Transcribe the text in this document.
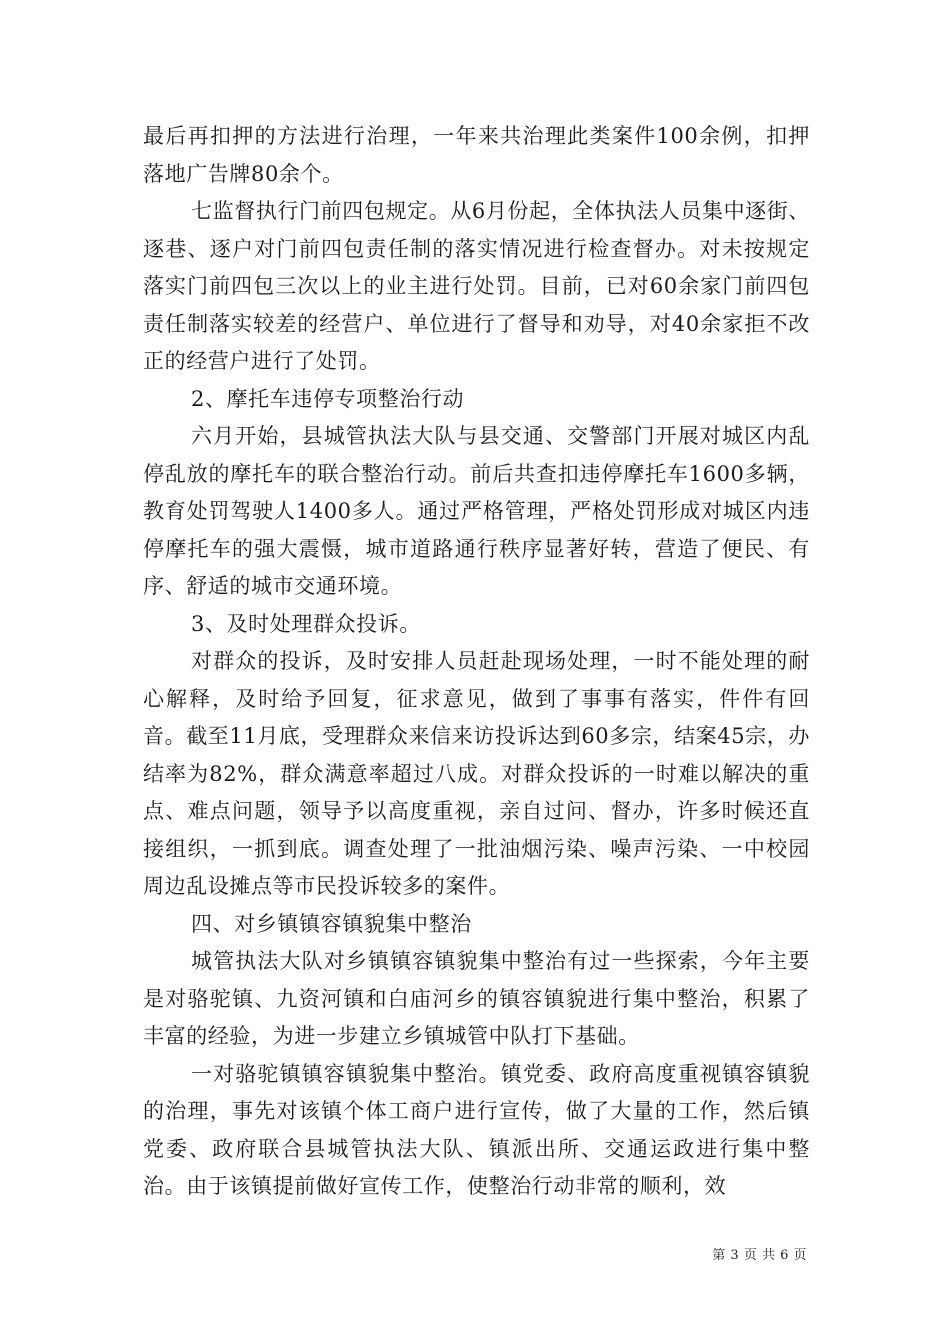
最后再扣押的方法进行治理，一年来共治理此类案件100余例，扣押落地广告牌80余个。

七监督执行门前四包规定。从6月份起，全体执法人员集中逐街、逐巷、逐户对门前四包责任制的落实情况进行检查督办。对未按规定落实门前四包三次以上的业主进行处罚。目前，已对60余家门前四包责任制落实较差的经营户、单位进行了督导和劝导，对40余家拒不改正的经营户进行了处罚。

2、摩托车违停专项整治行动

六月开始，县城管执法大队与县交通、交警部门开展对城区内乱停乱放的摩托车的联合整治行动。前后共查扣违停摩托车1600多辆，教育处罚驾驶人1400多人。通过严格管理，严格处罚形成对城区内违停摩托车的强大震慑，城市道路通行秩序显著好转，营造了便民、有序、舒适的城市交通环境。

3、及时处理群众投诉。

对群众的投诉，及时安排人员赶赴现场处理，一时不能处理的耐心解释，及时给予回复，征求意见，做到了事事有落实，件件有回音。截至11月底，受理群众来信来访投诉达到60多宗，结案45宗，办结率为82%，群众满意率超过八成。对群众投诉的一时难以解决的重点、难点问题，领导予以高度重视，亲自过问、督办，许多时候还直接组织，一抓到底。调查处理了一批油烟污染、噪声污染、一中校园周边乱设摊点等市民投诉较多的案件。

四、对乡镇镇容镇貌集中整治

城管执法大队对乡镇镇容镇貌集中整治有过一些探索，今年主要是对骆驼镇、九资河镇和白庙河乡的镇容镇貌进行集中整治，积累了丰富的经验，为进一步建立乡镇城管中队打下基础。

一对骆驼镇镇容镇貌集中整治。镇党委、政府高度重视镇容镇貌的治理，事先对该镇个体工商户进行宣传，做了大量的工作，然后镇党委、政府联合县城管执法大队、镇派出所、交通运政进行集中整治。由于该镇提前做好宣传工作，使整治行动非常的顺利，效

第 3 页 共 6 页
